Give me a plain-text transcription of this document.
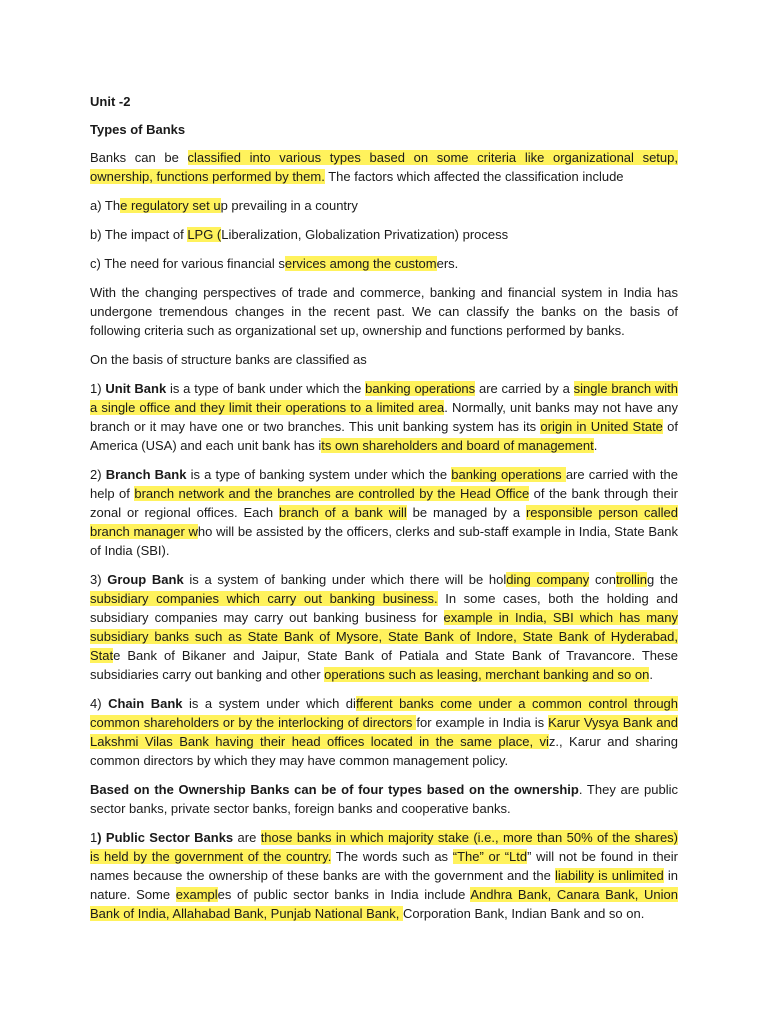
Unit -2

Types of Banks

Banks can be classified into various types based on some criteria like organizational setup, ownership, functions performed by them. The factors which affected the classification include

a) The regulatory set up prevailing in a country

b) The impact of LPG (Liberalization, Globalization Privatization) process

c) The need for various financial services among the customers.

With the changing perspectives of trade and commerce, banking and financial system in India has undergone tremendous changes in the recent past. We can classify the banks on the basis of following criteria such as organizational set up, ownership and functions performed by banks.

On the basis of structure banks are classified as

1) Unit Bank is a type of bank under which the banking operations are carried by a single branch with a single office and they limit their operations to a limited area. Normally, unit banks may not have any branch or it may have one or two branches. This unit banking system has its origin in United State of America (USA) and each unit bank has its own shareholders and board of management.

2) Branch Bank is a type of banking system under which the banking operations are carried with the help of branch network and the branches are controlled by the Head Office of the bank through their zonal or regional offices. Each branch of a bank will be managed by a responsible person called branch manager who will be assisted by the officers, clerks and sub-staff example in India, State Bank of India (SBI).

3) Group Bank is a system of banking under which there will be holding company controlling the subsidiary companies which carry out banking business. In some cases, both the holding and subsidiary companies may carry out banking business for example in India, SBI which has many subsidiary banks such as State Bank of Mysore, State Bank of Indore, State Bank of Hyderabad, State Bank of Bikaner and Jaipur, State Bank of Patiala and State Bank of Travancore. These subsidiaries carry out banking and other operations such as leasing, merchant banking and so on.

4) Chain Bank is a system under which different banks come under a common control through common shareholders or by the interlocking of directors for example in India is Karur Vysya Bank and Lakshmi Vilas Bank having their head offices located in the same place, viz., Karur and sharing common directors by which they may have common management policy.

Based on the Ownership Banks can be of four types based on the ownership. They are public sector banks, private sector banks, foreign banks and cooperative banks.

1) Public Sector Banks are those banks in which majority stake (i.e., more than 50% of the shares) is held by the government of the country. The words such as “The” or “Ltd” will not be found in their names because the ownership of these banks are with the government and the liability is unlimited in nature. Some examples of public sector banks in India include Andhra Bank, Canara Bank, Union Bank of India, Allahabad Bank, Punjab National Bank, Corporation Bank, Indian Bank and so on.
